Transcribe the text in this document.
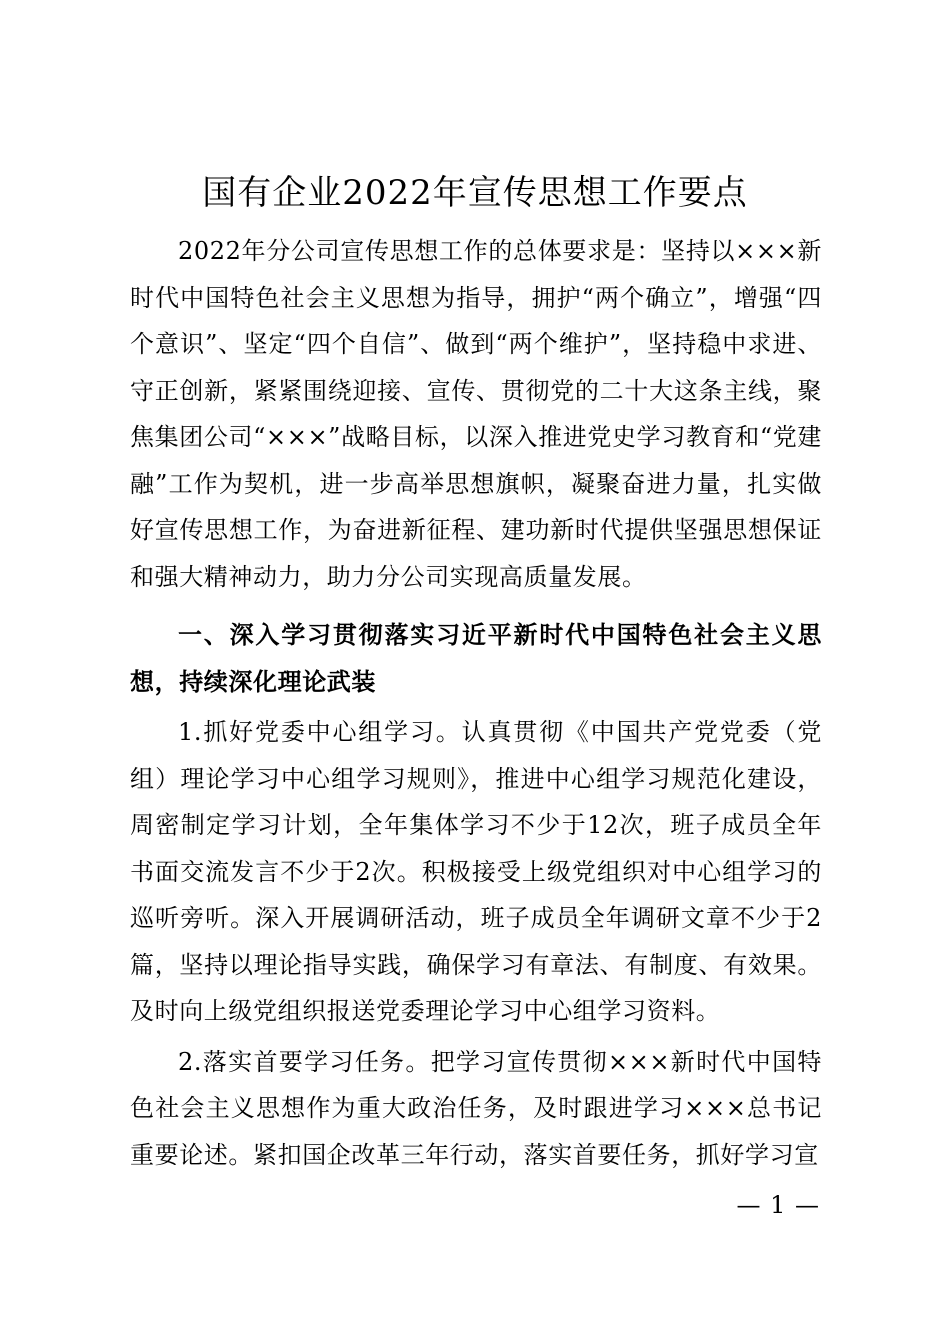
国有企业2022年宣传思想工作要点

2022年分公司宣传思想工作的总体要求是：坚持以×××新时代中国特色社会主义思想为指导，拥护“两个确立”，增强“四个意识”、坚定“四个自信”、做到“两个维护”，坚持稳中求进、守正创新，紧紧围绕迎接、宣传、贯彻党的二十大这条主线，聚焦集团公司“×××”战略目标，以深入推进党史学习教育和“党建融”工作为契机，进一步高举思想旗帜，凝聚奋进力量，扎实做好宣传思想工作，为奋进新征程、建功新时代提供坚强思想保证和强大精神动力，助力分公司实现高质量发展。

一、深入学习贯彻落实习近平新时代中国特色社会主义思想，持续深化理论武装

1.抓好党委中心组学习。认真贯彻《中国共产党党委（党组）理论学习中心组学习规则》，推进中心组学习规范化建设，周密制定学习计划，全年集体学习不少于12次，班子成员全年书面交流发言不少于2次。积极接受上级党组织对中心组学习的巡听旁听。深入开展调研活动，班子成员全年调研文章不少于2篇，坚持以理论指导实践，确保学习有章法、有制度、有效果。及时向上级党组织报送党委理论学习中心组学习资料。

2.落实首要学习任务。把学习宣传贯彻×××新时代中国特色社会主义思想作为重大政治任务，及时跟进学习×××总书记重要论述。紧扣国企改革三年行动，落实首要任务，抓好学习宣

— 1 —
